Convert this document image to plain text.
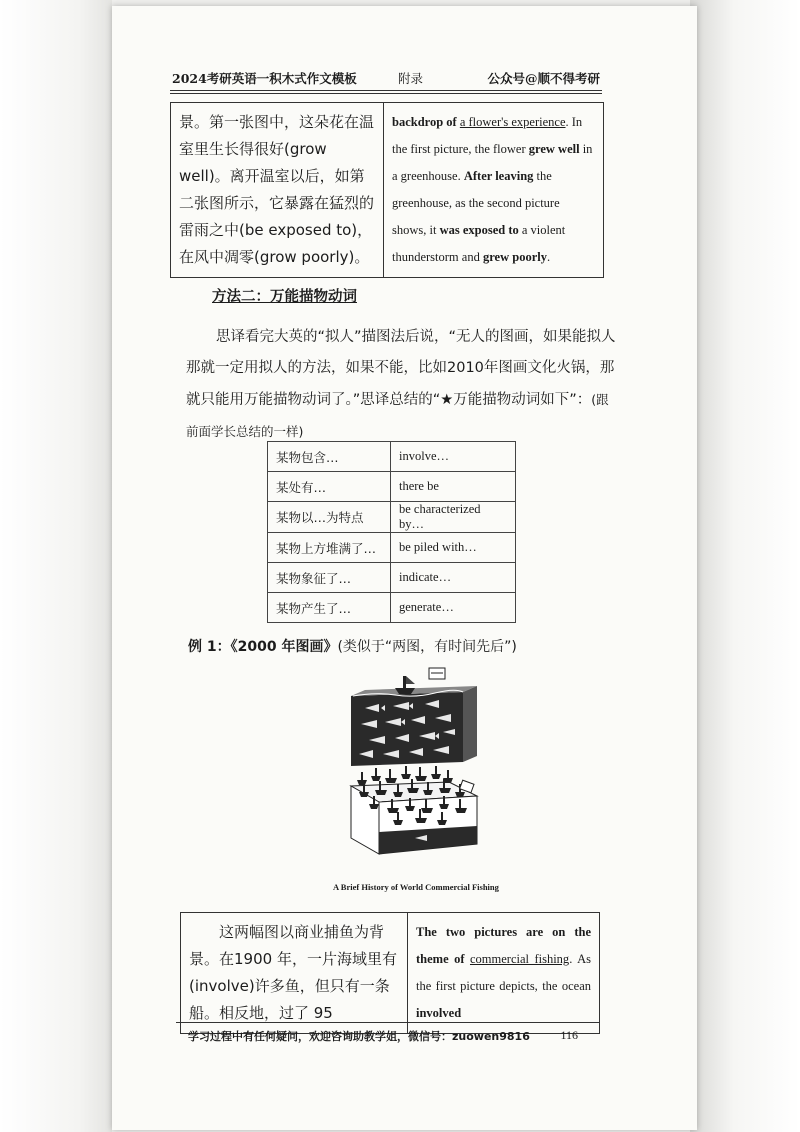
2024考研英语一积木式作文模板	附录	公众号@顺不得考研
景。第一张图中，这朵花在温室里生长得很好(grow well)。离开温室以后，如第二张图所示，它暴露在猛烈的雷雨之中(be exposed to)，在风中凋零(grow poorly)。	backdrop of a flower's experience. In the first picture, the flower grew well in a greenhouse. After leaving the greenhouse, as the second picture shows, it was exposed to a violent thunderstorm and grew poorly.
方法二：万能描物动词
思译看完大英的“拟人”描图法后说，“无人的图画，如果能拟人那就一定用拟人的方法，如果不能，比如2010年图画文化火锅，那就只能用万能描物动词了。”思译总结的“★万能描物动词如下”：(跟前面学长总结的一样)
某物包含…	involve…
某处有…	there be
某物以…为特点	be characterized by…
某物上方堆满了…	be piled with…
某物象征了…	indicate…
某物产生了…	generate…
例 1：《2000 年图画》(类似于“两图，有时间先后”)
A Brief History of World Commercial Fishing
这两幅图以商业捕鱼为背景。在1900 年，一片海域里有(involve)许多鱼，但只有一条船。相反地，过了 95	The two pictures are on the theme of commercial fishing. As the first picture depicts, the ocean involved
学习过程中有任何疑问，欢迎咨询助教学姐，微信号：zuowen9816	116
